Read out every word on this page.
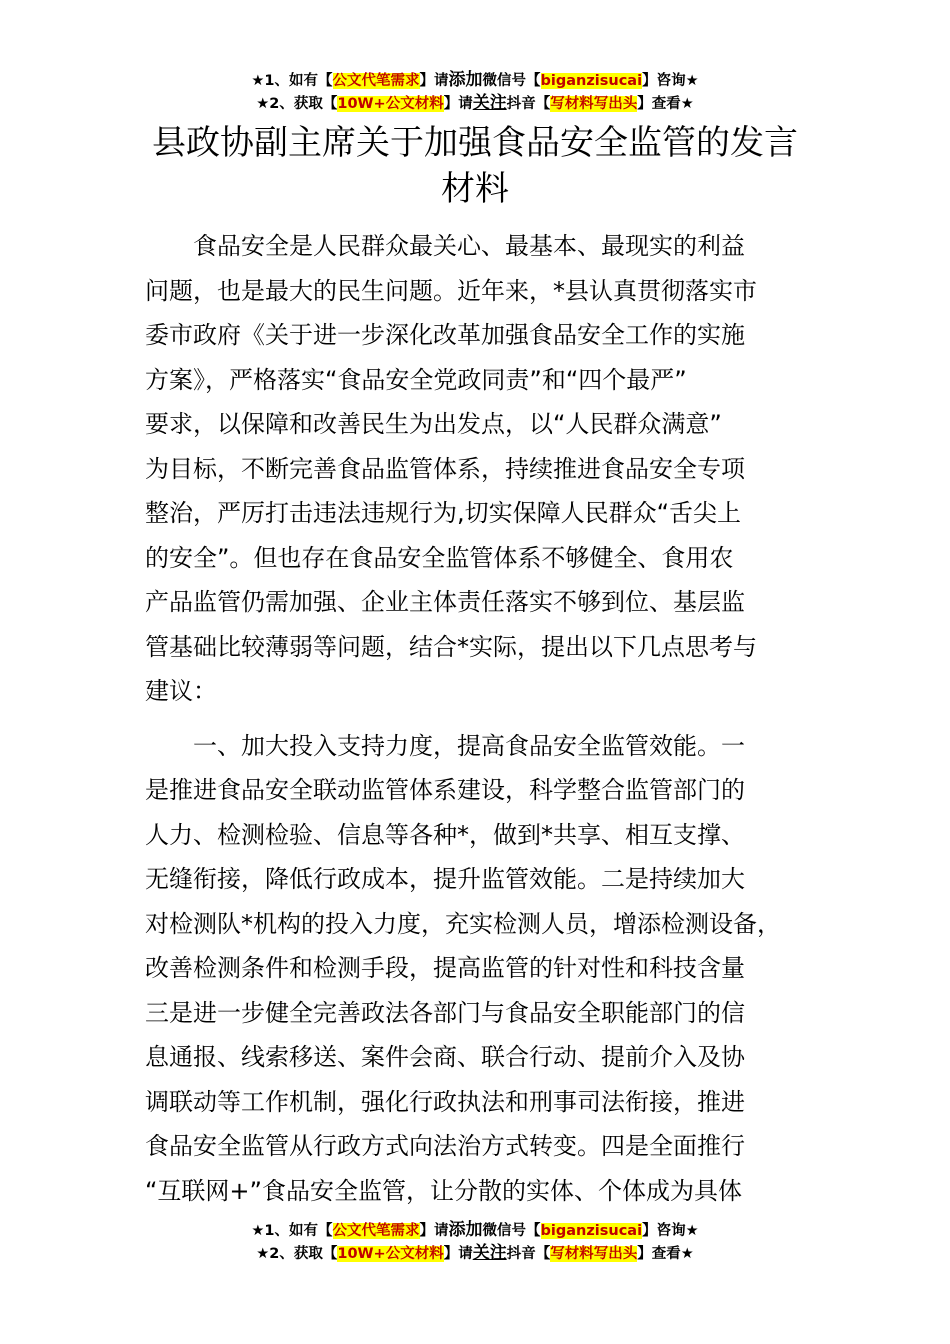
★1、如有【公文代笔需求】请添加微信号【biganzisucai】咨询★
★2、获取【10W+公文材料】请关注抖音【写材料写出头】查看★
县政协副主席关于加强食品安全监管的发言
材料
食品安全是人民群众最关心、最基本、最现实的利益
问题，也是最大的民生问题。近年来，*县认真贯彻落实市
委市政府《关于进一步深化改革加强食品安全工作的实施
方案》，严格落实“食品安全党政同责”和“四个最严”
要求，以保障和改善民生为出发点，以“人民群众满意”
为目标，不断完善食品监管体系，持续推进食品安全专项
整治，严厉打击违法违规行为,切实保障人民群众“舌尖上
的安全”。但也存在食品安全监管体系不够健全、食用农
产品监管仍需加强、企业主体责任落实不够到位、基层监
管基础比较薄弱等问题，结合*实际，提出以下几点思考与
建议：
一、加大投入支持力度，提高食品安全监管效能。一
是推进食品安全联动监管体系建设，科学整合监管部门的
人力、检测检验、信息等各种*，做到*共享、相互支撑、
无缝衔接，降低行政成本，提升监管效能。二是持续加大
对检测队*机构的投入力度，充实检测人员，增添检测设备，
改善检测条件和检测手段，提高监管的针对性和科技含量
三是进一步健全完善政法各部门与食品安全职能部门的信
息通报、线索移送、案件会商、联合行动、提前介入及协
调联动等工作机制，强化行政执法和刑事司法衔接，推进
食品安全监管从行政方式向法治方式转变。四是全面推行
“互联网+”食品安全监管，让分散的实体、个体成为具体
★1、如有【公文代笔需求】请添加微信号【biganzisucai】咨询★
★2、获取【10W+公文材料】请关注抖音【写材料写出头】查看★
